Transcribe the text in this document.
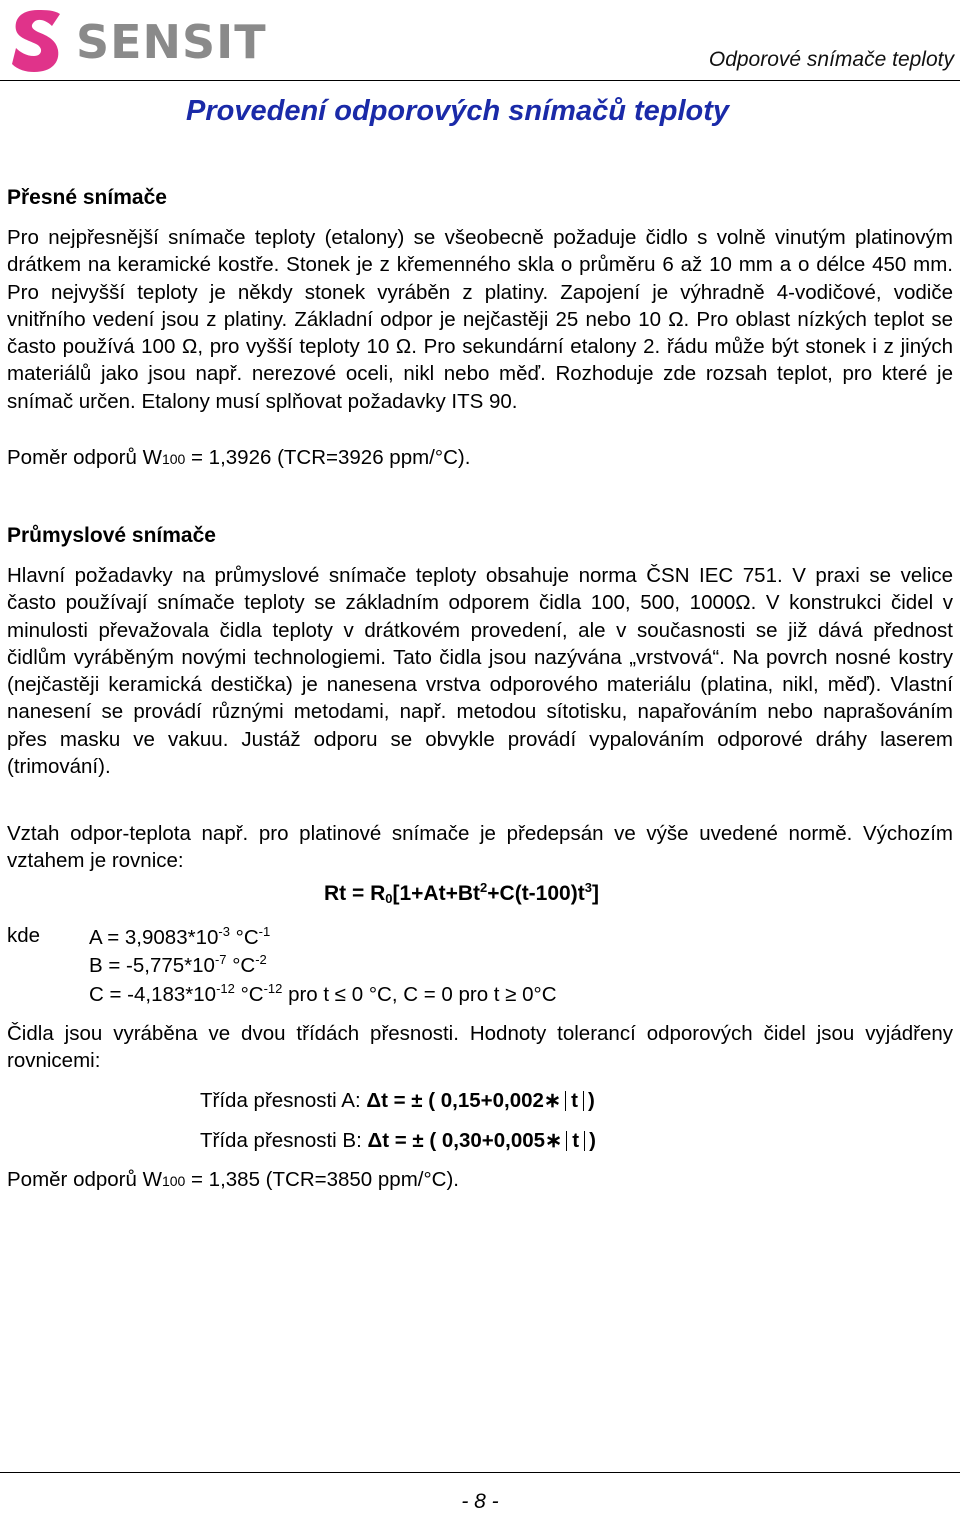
SENSIT	Odporové snímače teploty
Provedení odporových snímačů teploty
Přesné snímače
Pro nejpřesnější snímače teploty (etalony) se všeobecně požaduje čidlo s volně vinutým platinovým drátkem na keramické kostře. Stonek je z křemenného skla o průměru 6 až 10 mm a o délce 450 mm. Pro nejvyšší teploty je někdy stonek vyráběn z platiny. Zapojení je výhradně 4-vodičové, vodiče vnitřního vedení jsou z platiny. Základní odpor je nejčastěji 25 nebo 10 Ω. Pro oblast nízkých teplot se často používá 100 Ω, pro vyšší teploty 10 Ω. Pro sekundární etalony 2. řádu může být stonek i z jiných materiálů jako jsou např. nerezové oceli, nikl nebo měď. Rozhoduje zde rozsah teplot, pro které je snímač určen. Etalony musí splňovat požadavky ITS 90.
Poměr odporů W100 = 1,3926 (TCR=3926 ppm/°C).
Průmyslové snímače
Hlavní požadavky na průmyslové snímače teploty obsahuje norma ČSN IEC 751. V praxi se velice často používají snímače teploty se základním odporem čidla 100, 500, 1000Ω. V konstrukci čidel v minulosti převažovala čidla teploty v drátkovém provedení, ale v současnosti se již dává přednost čidlům vyráběným novými technologiemi. Tato čidla jsou nazývána „vrstvová“. Na povrch nosné kostry (nejčastěji keramická destička) je nanesena vrstva odporového materiálu (platina, nikl, měď). Vlastní nanesení se provádí různými metodami, např. metodou sítotisku, napařováním nebo naprašováním přes masku ve vakuu. Justáž odporu se obvykle provádí vypalováním odporové dráhy laserem (trimování).
Vztah odpor-teplota např. pro platinové snímače je předepsán ve výše uvedené normě. Výchozím vztahem je rovnice:
$Rt = R_0[1+At+Bt^2+C(t-100)t^3]$
kde $A = 3,9083*10^{-3}$ $^\circ C^{-1}$
$B = -5,775*10^{-7}$ $^\circ C^{-2}$
$C = -4,183*10^{-12}$ $^\circ C^{-12}$ pro t ≤ 0 °C, C = 0 pro t ≥ 0°C
Čidla jsou vyráběna ve dvou třídách přesnosti. Hodnoty tolerancí odporových čidel jsou vyjádřeny rovnicemi:
Třída přesnosti A: Δt = ± ( 0,15+0,002∗ t )
Třída přesnosti B: Δt = ± ( 0,30+0,005∗ t )
Poměr odporů W100 = 1,385 (TCR=3850 ppm/°C).
- 8 -
